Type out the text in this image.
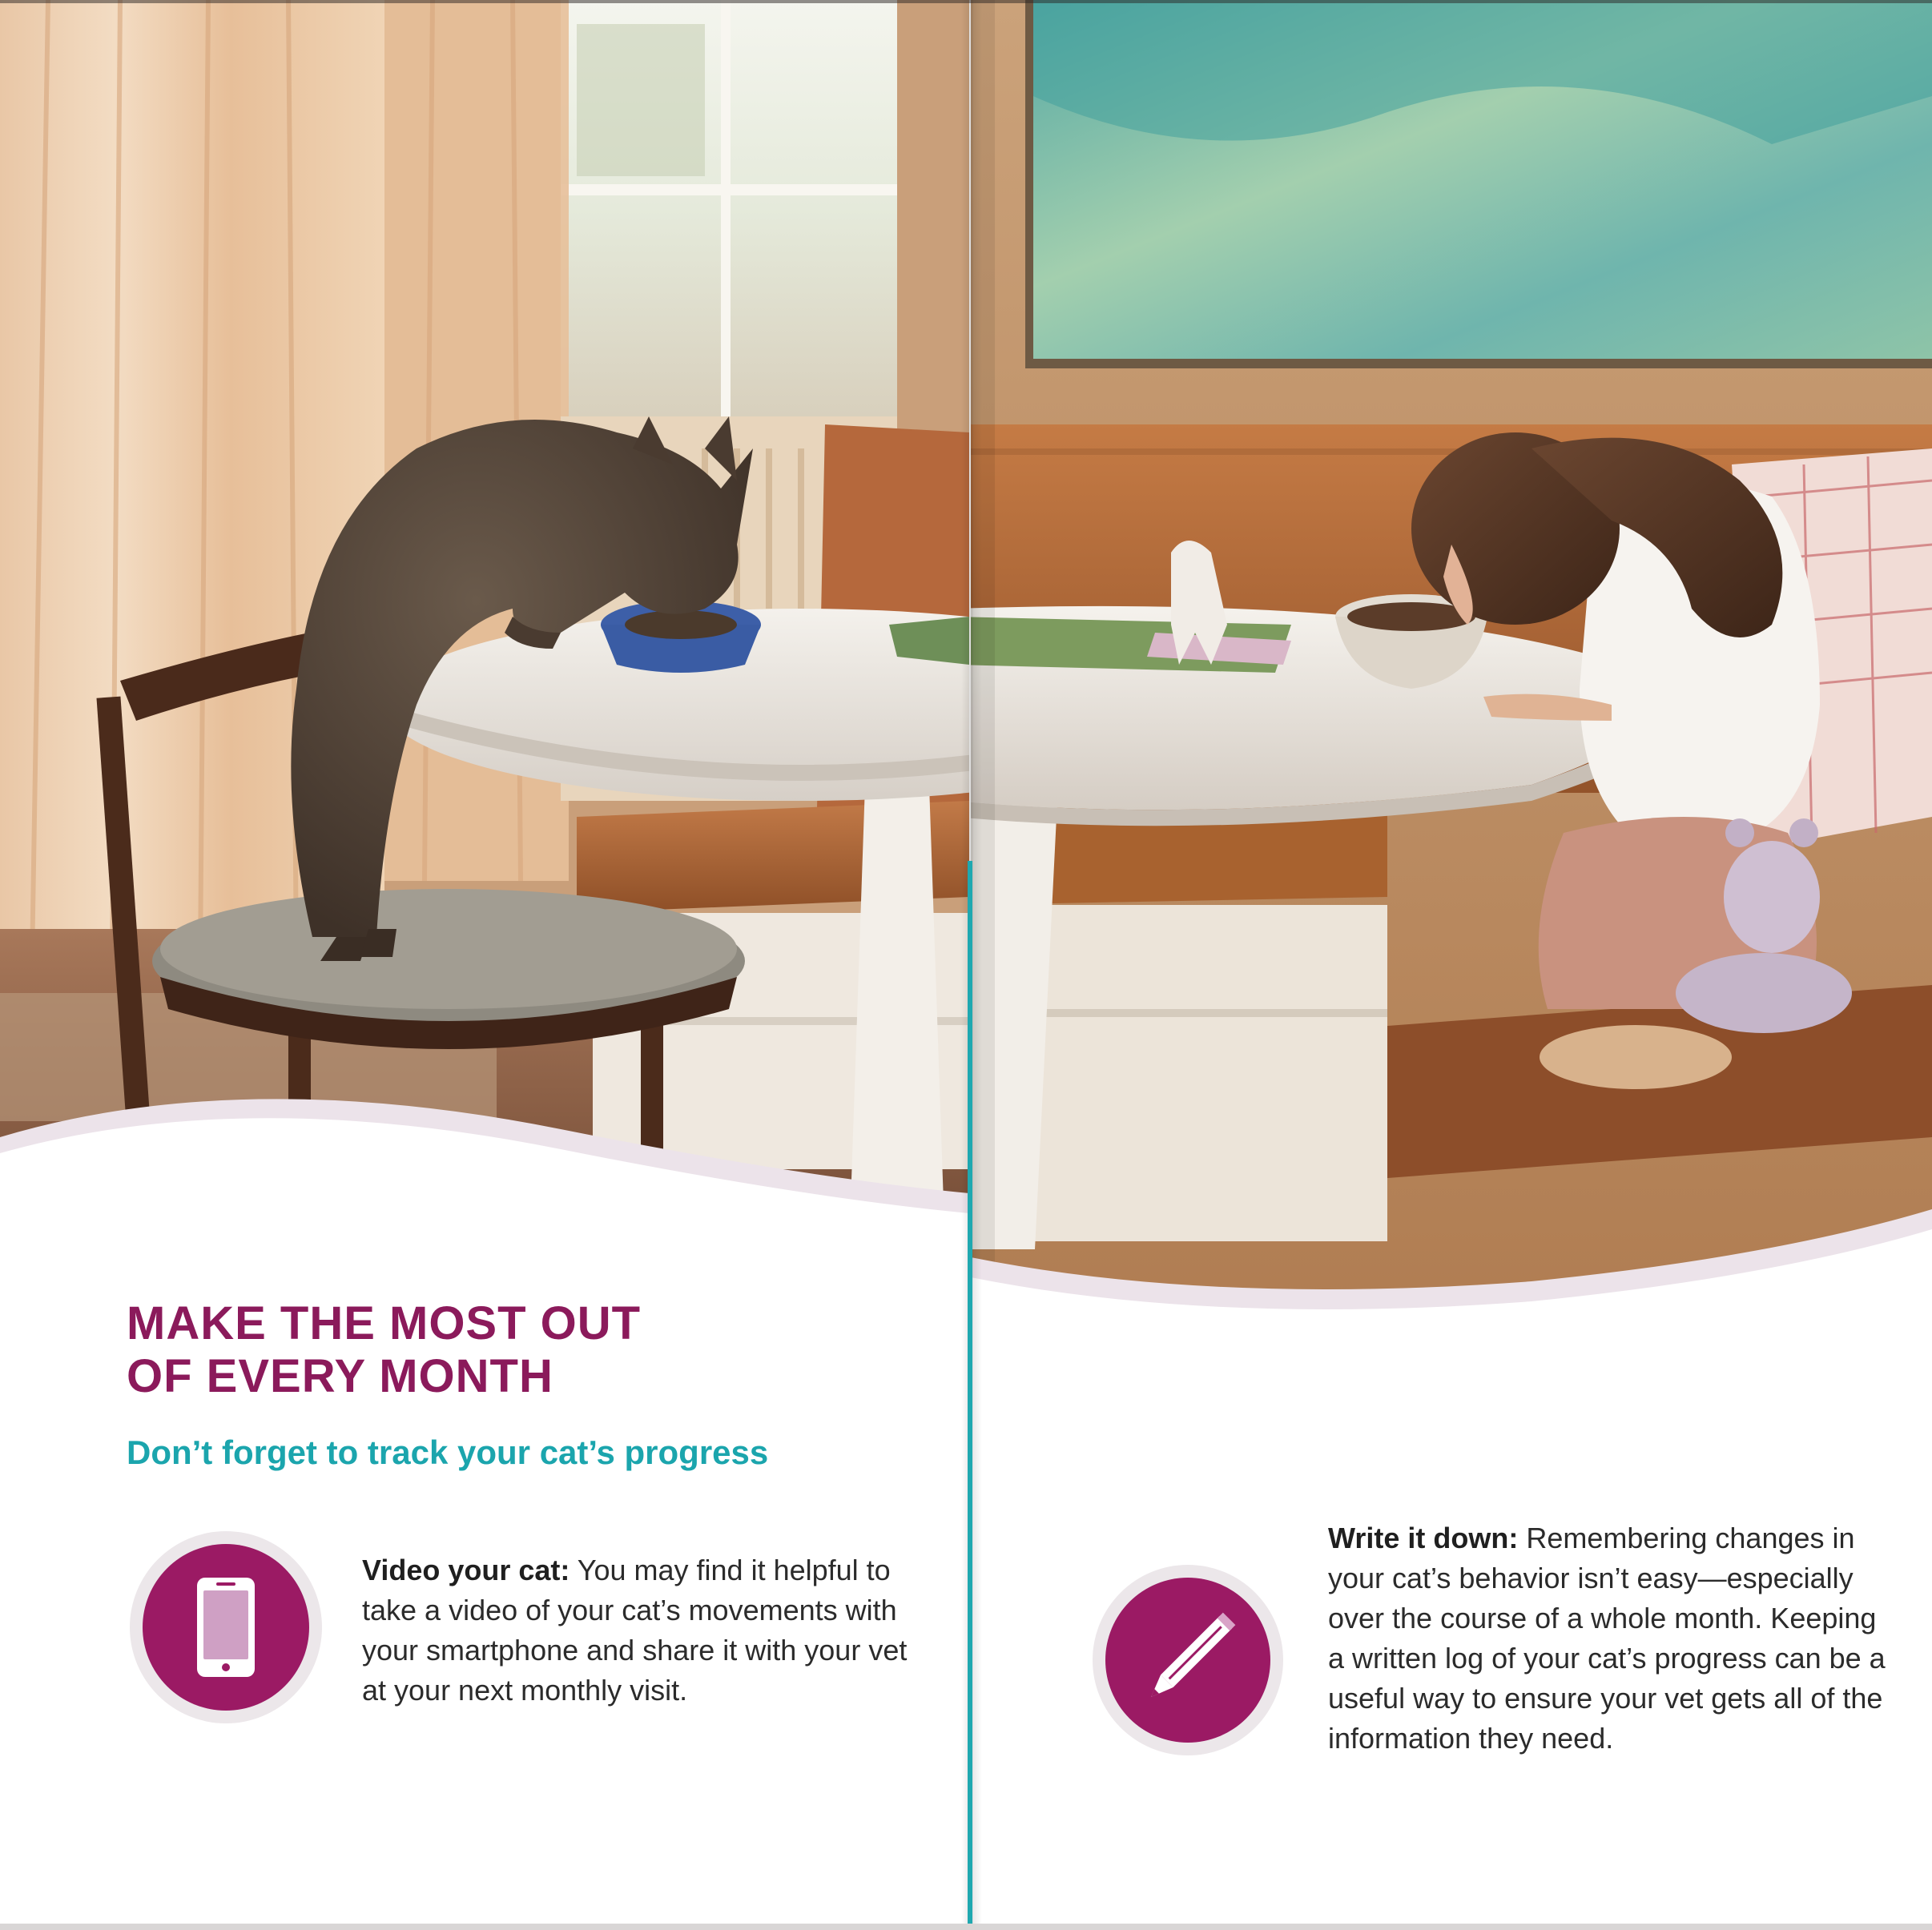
MAKE THE MOST OUT
OF EVERY MONTH
Don’t forget to track your cat’s progress

Video your cat: You may find it helpful to take a video of your cat’s movements with your smartphone and share it with your vet at your next monthly visit.

Write it down: Remembering changes in your cat’s behavior isn’t easy—especially over the course of a whole month. Keeping a written log of your cat’s progress can be a useful way to ensure your vet gets all of the information they need.
